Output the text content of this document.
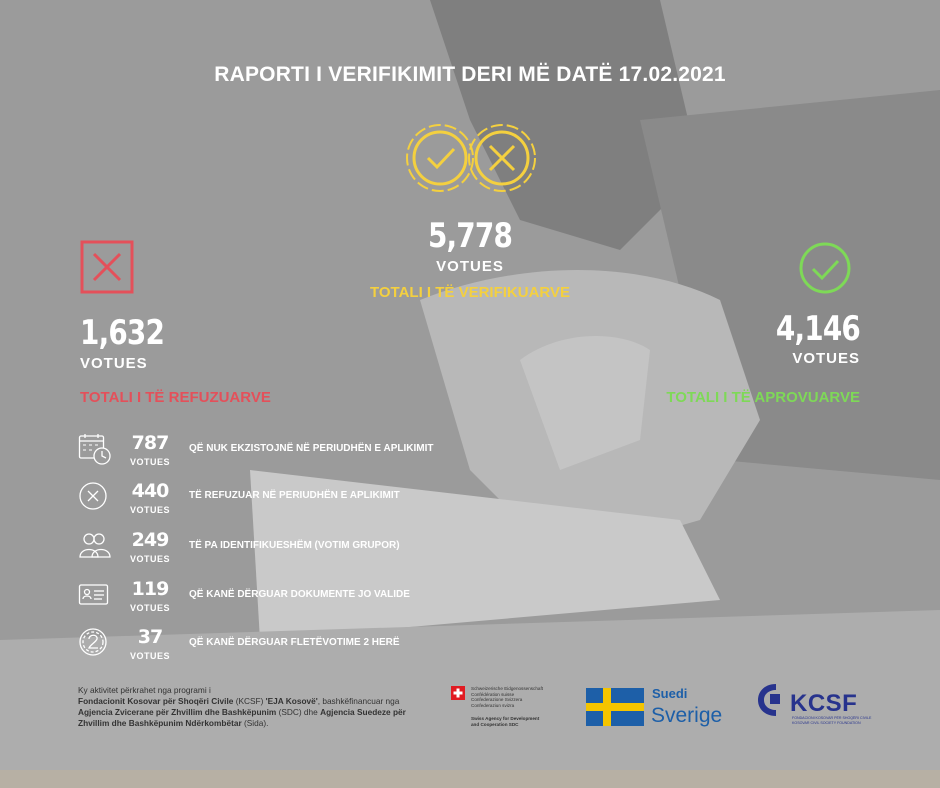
RAPORTI I VERIFIKIMIT DERI MË DATË 17.02.2021
5,778
VOTUES
TOTALI I TË VERIFIKUARVE
1,632
VOTUES
TOTALI I TË REFUZUARVE
4,146
VOTUES
TOTALI I TË APROVUARVE
787
VOTUES
QË NUK EKZISTOJNË NË PERIUDHËN E APLIKIMIT
440
VOTUES
TË REFUZUAR NË PERIUDHËN E APLIKIMIT
249
VOTUES
TË PA IDENTIFIKUESHËM (VOTIM GRUPOR)
119
VOTUES
QË KANË DËRGUAR DOKUMENTE JO VALIDE
37
VOTUES
QË KANË DËRGUAR FLETËVOTIME 2 HERË
Ky aktivitet përkrahet nga programi i
Fondacionit Kosovar për Shoqëri Civile (KCSF) 'EJA Kosovë', bashkëfinancuar nga Agjencia Zvicerane për Zhvillim dhe Bashkëpunim (SDC) dhe Agjencia Suedeze për Zhvillim dhe Bashkëpunim Ndërkombëtar (Sida).
Schweizerische Eidgenossenschaft
Confédération suisse
Confederazione Svizzera
Confederaziun svizra
Swiss Agency for Development
and Cooperation SDC
Suedi
Sverige	KCSF
FONDACIONI KOSOVAR PËR SHOQËRI CIVILE
KOSOVAR CIVIL SOCIETY FOUNDATION
